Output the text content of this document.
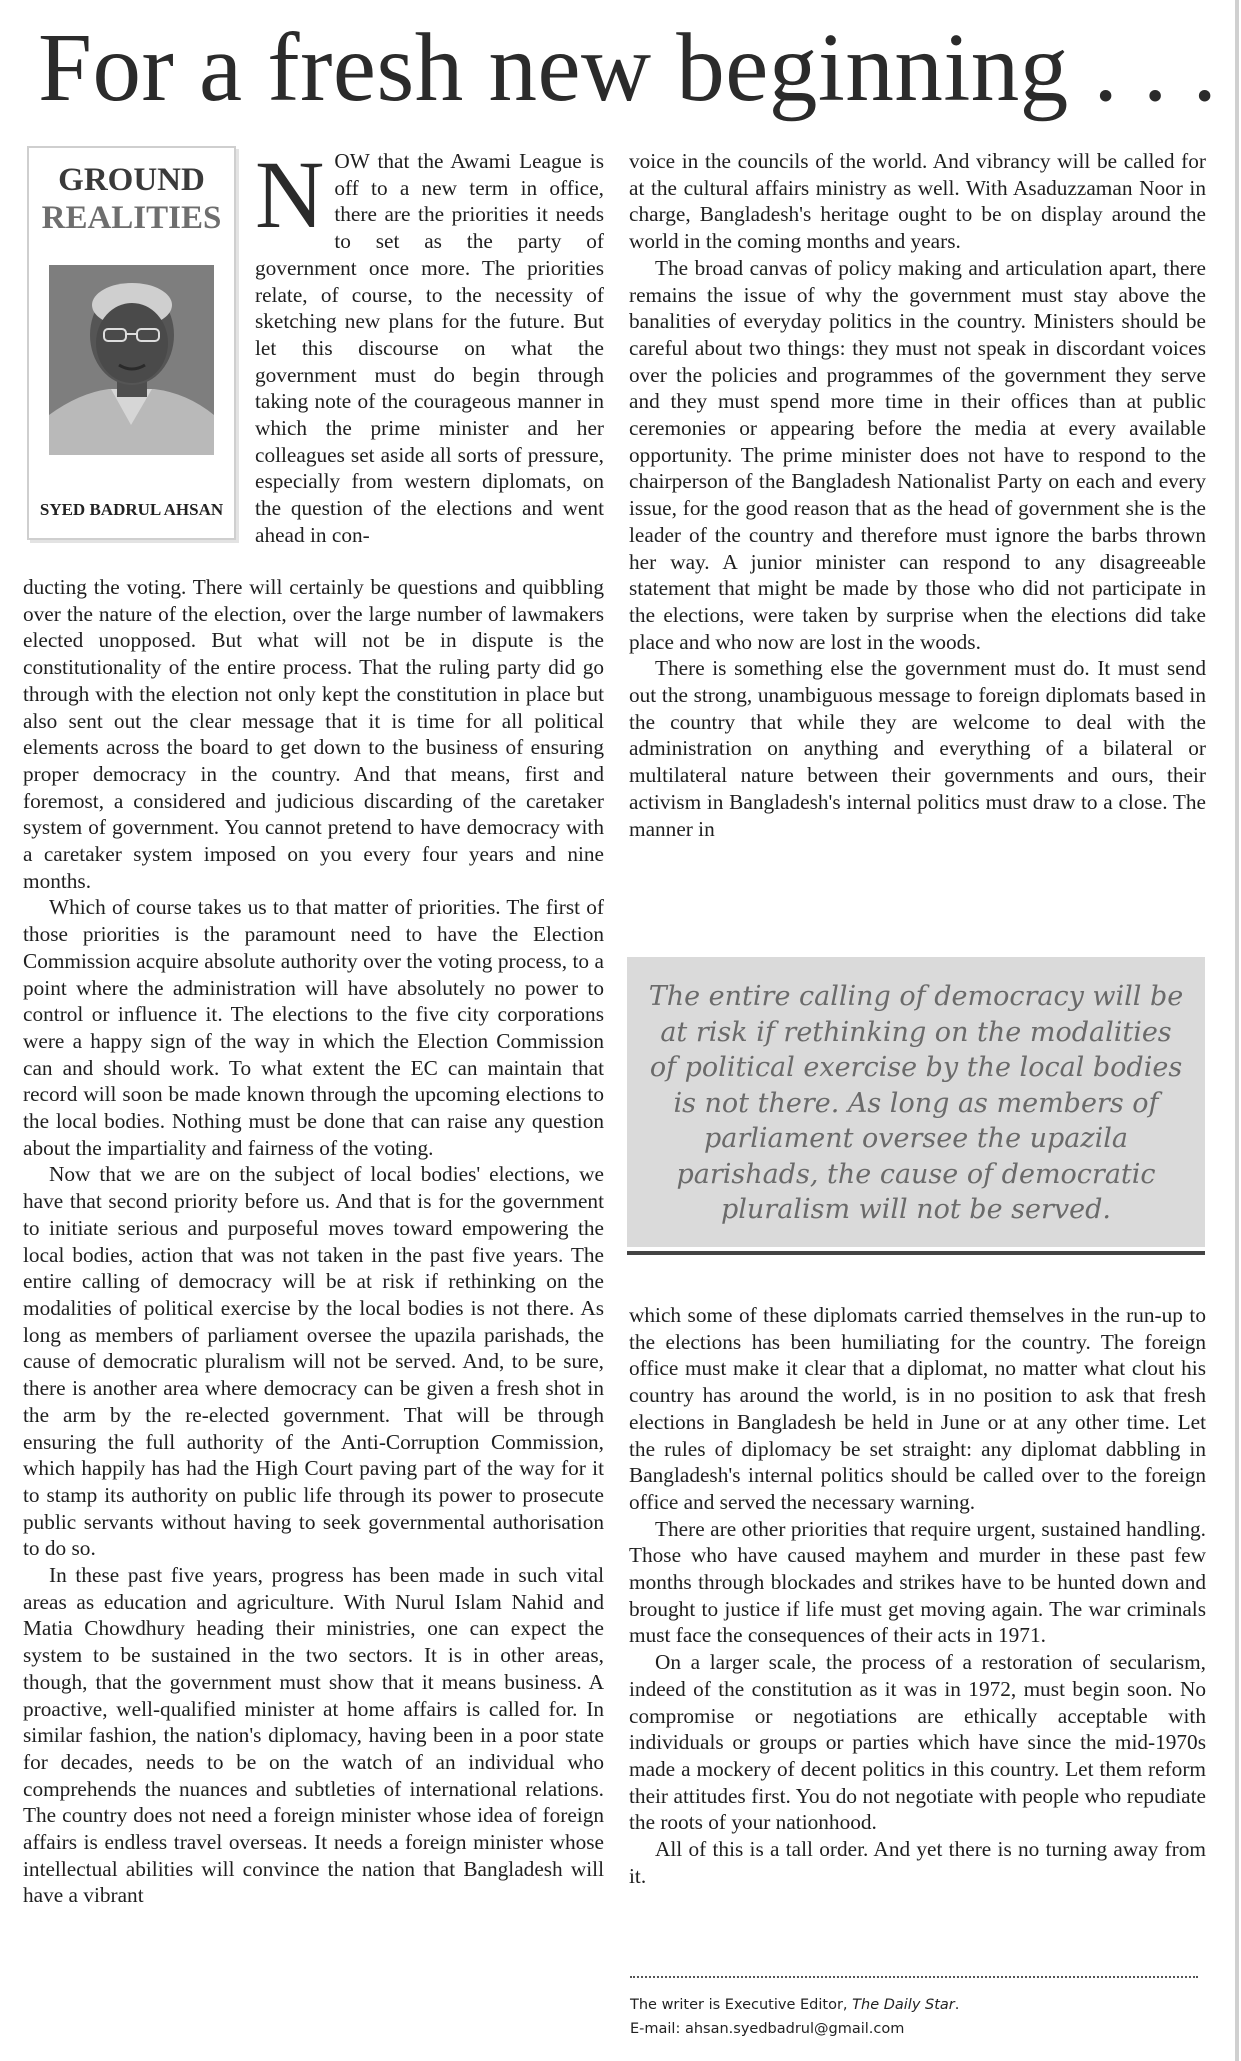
For a fresh new beginning . . .
GROUND
REALITIES
SYED BADRUL AHSAN
N OW that the Awami League is off to a new term in office, there are the priorities it needs to set as the party of government once more. The priorities relate, of course, to the necessity of sketching new plans for the future. But let this discourse on what the government must do begin through taking note of the courageous manner in which the prime minister and her colleagues set aside all sorts of pressure, especially from western diplomats, on the question of the elections and went ahead in con-

ducting the voting. There will certainly be questions and quibbling over the nature of the election, over the large number of lawmakers elected unopposed. But what will not be in dispute is the constitutionality of the entire process. That the ruling party did go through with the election not only kept the constitution in place but also sent out the clear message that it is time for all political elements across the board to get down to the business of ensuring proper democracy in the country. And that means, first and foremost, a considered and judicious discarding of the caretaker system of government. You cannot pretend to have democracy with a caretaker system imposed on you every four years and nine months.

Which of course takes us to that matter of priorities. The first of those priorities is the paramount need to have the Election Commission acquire absolute authority over the voting process, to a point where the administration will have absolutely no power to control or influence it. The elections to the five city corporations were a happy sign of the way in which the Election Commission can and should work. To what extent the EC can maintain that record will soon be made known through the upcoming elections to the local bodies. Nothing must be done that can raise any question about the impartiality and fairness of the voting.

Now that we are on the subject of local bodies' elections, we have that second priority before us. And that is for the government to initiate serious and purposeful moves toward empowering the local bodies, action that was not taken in the past five years. The entire calling of democracy will be at risk if rethinking on the modalities of political exercise by the local bodies is not there. As long as members of parliament oversee the upazila parishads, the cause of democratic pluralism will not be served. And, to be sure, there is another area where democracy can be given a fresh shot in the arm by the re-elected government. That will be through ensuring the full authority of the Anti-Corruption Commission, which happily has had the High Court paving part of the way for it to stamp its authority on public life through its power to prosecute public servants without having to seek governmental authorisation to do so.

In these past five years, progress has been made in such vital areas as education and agriculture. With Nurul Islam Nahid and Matia Chowdhury heading their ministries, one can expect the system to be sustained in the two sectors. It is in other areas, though, that the government must show that it means business. A proactive, well-qualified minister at home affairs is called for. In similar fashion, the nation's diplomacy, having been in a poor state for decades, needs to be on the watch of an individual who comprehends the nuances and subtleties of international relations. The country does not need a foreign minister whose idea of foreign affairs is endless travel overseas. It needs a foreign minister whose intellectual abilities will convince the nation that Bangladesh will have a vibrant

voice in the councils of the world. And vibrancy will be called for at the cultural affairs ministry as well. With Asaduzzaman Noor in charge, Bangladesh's heritage ought to be on display around the world in the coming months and years.

The broad canvas of policy making and articulation apart, there remains the issue of why the government must stay above the banalities of everyday politics in the country. Ministers should be careful about two things: they must not speak in discordant voices over the policies and programmes of the government they serve and they must spend more time in their offices than at public ceremonies or appearing before the media at every available opportunity. The prime minister does not have to respond to the chairperson of the Bangladesh Nationalist Party on each and every issue, for the good reason that as the head of government she is the leader of the country and therefore must ignore the barbs thrown her way. A junior minister can respond to any disagreeable statement that might be made by those who did not participate in the elections, were taken by surprise when the elections did take place and who now are lost in the woods.

There is something else the government must do. It must send out the strong, unambiguous message to foreign diplomats based in the country that while they are welcome to deal with the administration on anything and everything of a bilateral or multilateral nature between their governments and ours, their activism in Bangladesh's internal politics must draw to a close. The manner in

The entire calling of democracy will be at risk if rethinking on the modalities of political exercise by the local bodies is not there. As long as members of parliament oversee the upazila parishads, the cause of democratic pluralism will not be served.

which some of these diplomats carried themselves in the run-up to the elections has been humiliating for the country. The foreign office must make it clear that a diplomat, no matter what clout his country has around the world, is in no position to ask that fresh elections in Bangladesh be held in June or at any other time. Let the rules of diplomacy be set straight: any diplomat dabbling in Bangladesh's internal politics should be called over to the foreign office and served the necessary warning.

There are other priorities that require urgent, sustained handling. Those who have caused mayhem and murder in these past few months through blockades and strikes have to be hunted down and brought to justice if life must get moving again. The war criminals must face the consequences of their acts in 1971.

On a larger scale, the process of a restoration of secularism, indeed of the constitution as it was in 1972, must begin soon. No compromise or negotiations are ethically acceptable with individuals or groups or parties which have since the mid-1970s made a mockery of decent politics in this country. Let them reform their attitudes first. You do not negotiate with people who repudiate the roots of your nationhood.

All of this is a tall order. And yet there is no turning away from it.

The writer is Executive Editor, The Daily Star.
E-mail: ahsan.syedbadrul@gmail.com
